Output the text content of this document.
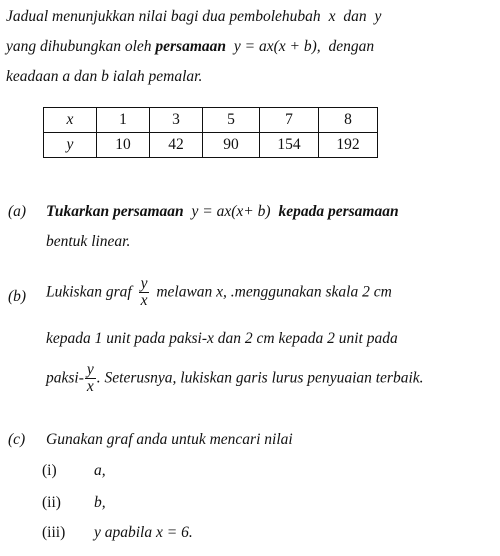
Jadual menunjukkan nilai bagi dua pembolehubah x dan y
yang dihubungkan oleh persamaan y = ax(x + b), dengan
keadaan a dan b ialah pemalar.
x	1	3	5	7	8
y	10	42	90	154	192
(a) Tukarkan persamaan y = ax(x+ b) kepada persamaan
bentuk linear.
(b) Lukiskan graf $\frac{y}{x}$ melawan x, .menggunakan skala 2 cm
kepada 1 unit pada paksi-x dan 2 cm kepada 2 unit pada
paksi- $\frac{y}{x}$ . Seterusnya, lukiskan garis lurus penyuaian terbaik.
(c) Gunakan graf anda untuk mencari nilai
(i) a,
(ii) b,
(iii) y apabila x = 6.
